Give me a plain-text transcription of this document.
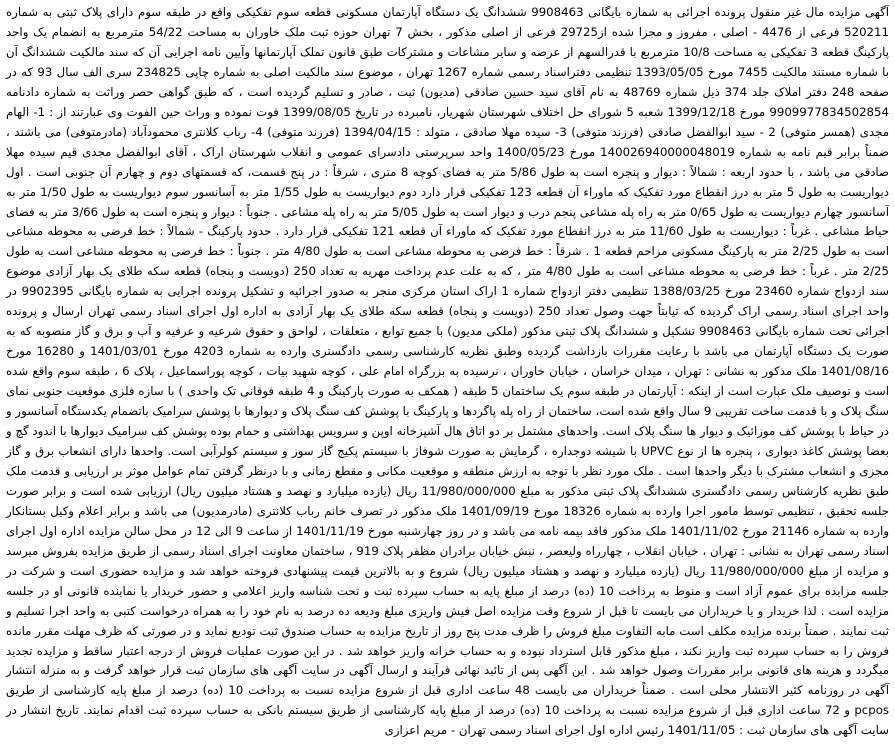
آگهی مزایده مال غیر منقول پرونده اجرائی به شماره بایگانی 9908463 ششدانگ یک دستگاه آپارتمان مسکونی قطعه سوم تفکیکی واقع در طبقه سوم دارای پلاک ثبتی به شماره 520211 فرعی از 4476 - اصلی ، مفروز و مجزا شده از29725 فرعی از اصلی مذکور ، بخش 7 تهران حوزه ثبت ملک خاوران به مساحت 54/22 مترمربع به انضمام یک واحد پارکینگ قطعه 3 تفکیکی به مساحت 10/8 مترمربع با قدرالسهم از عرصه و سایر مشاعات و مشترکات طبق قانون تملک آپارتمانها وآیین نامه اجرایی آن که سند مالکیت ششدانگ آن با شماره مستند مالکیت 7455 مورخ 1393/05/05 تنظیمی دفتراسناد رسمی شماره 1267 تهران ، موضوع سند مالکیت اصلی به شماره چاپی 234825 سری الف سال 93 که در صفحه 248 دفتر املاک جلد 374 ذیل شماره 48769 به نام آقای سید حسین صادقی (مدیون) ثبت ، صادر و تسلیم گردیده است ، که طبق گواهی حصر وراثت به شماره دادنامه 9909977834502854 مورخ 1399/12/18 شعبه 5 شورای حل اختلاف شهرستان شهریار، نامبرده در تاریخ 1399/08/05 فوت نموده و وراث حین الفوت وی عبارتند از : 1- الهام مجدی (همسر متوفی) 2 - سید ابوالفضل صادقی (فرزند متوفی) 3- سیده مهلا صادقی ، متولد : 1394/04/15 (فرزند متوفی) 4- رباب کلانتری محمودآباد (مادرمتوفی) می باشند ، ضمناً برابر قیم نامه به شماره 140026940000048019 مورخ 1400/05/23 واحد سرپرستی دادسرای عمومی و انقلاب شهرستان اراک ، آقای ابوالفضل مجدی قیم سیده مهلا صادقی می باشد ، با حدود اربعه : شمالاً : دیوار و پنجره است به طول 5/86 متر به فضای کوچه 8 متری ، شرقاً : در پنج قسمت، که قسمتهای دوم و چهارم آن جنوبی است . اول دیواریست به طول 5 متر به درز انقطاع مورد تفکیک که ماوراء آن قطعه 123 تفکیکی قرار دارد دوم دیواریست به طول 1/55 متر به آسانسور سوم دیواریست به طول 1/50 متر به آسانسور چهارم دیواریست به طول 0/65 متر به راه پله مشاعی پنجم درب و دیوار است به طول 5/05 متر به راه پله مشاعی . جنوباً : دیوار و پنجره است به طول 3/66 متر به فضای حیاط مشاعی . غرباً : دیواریست به طول 11/60 متر به درز انقطاع مورد تفکیک که ماوراء آن قطعه 121 تفکیکی قرار دارد . حدود پارکینگ - شمالاً : خط فرضی به محوطه مشاعی است به طول 2/25 متر به پارکینگ مسکونی مزاحم قطعه 1 . شرقاً : خط فرضی به محوطه مشاعی است به طول 4/80 متر . جنوباً : خط فرضی به محوطه مشاعی است به طول 2/25 متر . غرباً : خط فرضی به محوطه مشاعی است به طول 4/80 متر ، که به علت عدم پرداخت مهریه به تعداد 250 (دویست و پنجاه) قطعه سکه طلای یک بهار آزادی موضوع سند ازدواج شماره 23460 مورخ 1388/03/25 تنظیمی دفتر ازدواج شماره 1 اراک استان مرکزی منجر به صدور اجرائیه و تشکیل پرونده اجرایی به شماره بایگانی 9902395 در واحد اجرای اسناد رسمی اراک گردیده که تیابتاً جهت وصول تعداد 250 (دویست و پنجاه) قطعه سکه طلای یک بهار آزادی به اداره اول اجرای اسناد رسمی تهران ارسال و پرونده اجرائی تحت شماره بایگانی 9908463 تشکیل و ششدانگ پلاک ثبتی مذکور (ملکی مدیون) با جمیع توابع ، متعلقات ، لواحق و حقوق شرعیه و عرفیه و آب و برق و گاز منصوبه که به صورت یک دستگاه آپارتمان می باشد با رعایت مقررات بازداشت گردیده وطبق نظریه کارشناسی رسمی دادگستری وارده به شماره 4203 مورخ 1401/03/01 و 16280 مورخ 1401/08/16 ملک مذکور به نشانی : تهران ، میدان خراسان ، خیابان خاوران ، نرسیده به بزرگراه امام علی ، کوچه شهید بیات ، کوچه پوراسماعیل ، پلاک 6 ، طبقه سوم واقع شده است و توصیف ملک عبارت است از اینکه : آپارتمان در طبقه سوم یک ساختمان 5 طبقه ( همکف به صورت پارکینگ و 4 طبقه فوقانی تک واحدی ) با سازه فلزی موقعیت جنوبی نمای سنگ پلاک و با قدمت ساخت تقریبی 9 سال واقع شده است، ساختمان از راه پله پاگردها و پارکینگ با پوشش کف سنگ پلاک و دیوارها با پوشش سرامیک باتضمام یکدستگاه آسانسور و در حیاط با پوشش کف موزائیک و دیوار ها سنگ پلاک است. واحدهای مشتمل بر دو اتاق هال آشپزخانه اوپن و سرویس بهداشتی و حمام بوده پوشش کف سرامیک دیوارها با اندود گچ و بعضا پوشش کاغذ دیواری ، پنجره ها از نوع UPVC با شیشه دوجداره ، گرمایش به صورت شوفاژ با سیستم پکیج گاز سوز و سیستم کولرآبی است. واحدها دارای انشعاب برق و گاز مجزی و انشعاب مشترک با دیگر واحدها است . ملک مورد نظر با توجه به ارزش منطقه و موقعیت مکانی و مقطع زمانی و با درنظر گرفتن تمام عوامل موثر بر ارزیابی و قدمت ملک طبق نظریه کارشناس رسمی دادگستری ششدانگ پلاک ثبتی مذکور به مبلغ 11/980/000/000 ریال (یازده میلیارد و نهصد و هشتاد میلیون ریال) ارزیابی شده است و برابر صورت جلسه تحقیق ، تنظیمی توسط مامور اجرا وارده به شماره 18326 مورخ 1401/09/19 ملک مذکور در تصرف خانم رباب کلانتری (مادرمدیون) می باشد و برابر اعلام وکیل بستانکار وارده به شماره 21146 مورخ 1401/11/02 ملک مذکور فاقد بیمه نامه می باشد و در روز چهارشنبه مورخ 1401/11/19 از ساعت 9 الی 12 در محل سالن مزایده اداره اول اجرای اسناد رسمی تهران به نشانی : تهران ، خیابان انقلاب ، چهارراه ولیعصر ، نبش خیابان برادران مظفر پلاک 919 ، ساختمان معاونت اجرای اسناد رسمی از طریق مزایده بفروش میرسد و مزایده از مبلغ 11/980/000/000 ریال (یازده میلیارد و نهصد و هشتاد میلیون ریال) شروع و به بالاترین قیمت پیشنهادی فروخته خواهد شد و مزایده حضوری است و شرکت در جلسه مزایده برای عموم آزاد است و منوط به پرداخت 10 (ده) درصد از مبلغ پایه به حساب سپرده ثبت و تحت شناسه واریز اعلامی و حضور خریدار یا نماینده قانونی او در جلسه مزایده است . لذا خریدار و یا خریداران می بایست تا قبل از شروع وقت مزایده اصل فیش واریزی مبلغ ودیعه ده درصد به نام خود را به همراه درخواست کتبی به واحد اجرا تسلیم و ثبت نمایند . ضمناً برنده مزایده مکلف است مابه التفاوت مبلغ فروش را ظرف مدت پنج روز از تاریخ مزایده به حساب صندوق ثبت تودیع نماید و در صورتی که ظرف مهلت مقرر مانده فروش را به حساب سپرده ثبت واریز نکند ، مبلغ مذکور قابل استرداد نبوده و به حساب خزانه واریز خواهد شد . در این صورت عملیات فروش از درجه اعتبار ساقط و مزایده تجدید میگردد و هزینه های قانونی برابر مقررات وصول خواهد شد . این آگهی پس از تائید نهائی فرآیند و ارسال آگهی در سایت آگهی های سازمان ثبت قرار خواهد گرفت و به منزله انتشار آگهی در روزنامه کثیر الانتشار محلی است . ضمناً خریداران می بایست 48 ساعت اداری قبل از شروع مزایده نسبت به پرداخت 10 (ده) درصد از مبلغ پایه کارشناسی از طریق pcpos و 72 ساعت اداری قبل از شروع مزایده نسبت به پرداخت 10 (ده) درصد از مبلغ پایه کارشناسی از طریق سیستم بانکی به حساب سپرده ثبت اقدام نمایند. تاریخ انتشار در سایت آگهی های سازمان ثبت : 1401/11/05 رئیس اداره اول اجرای اسناد رسمی تهران - مریم اعزازی
